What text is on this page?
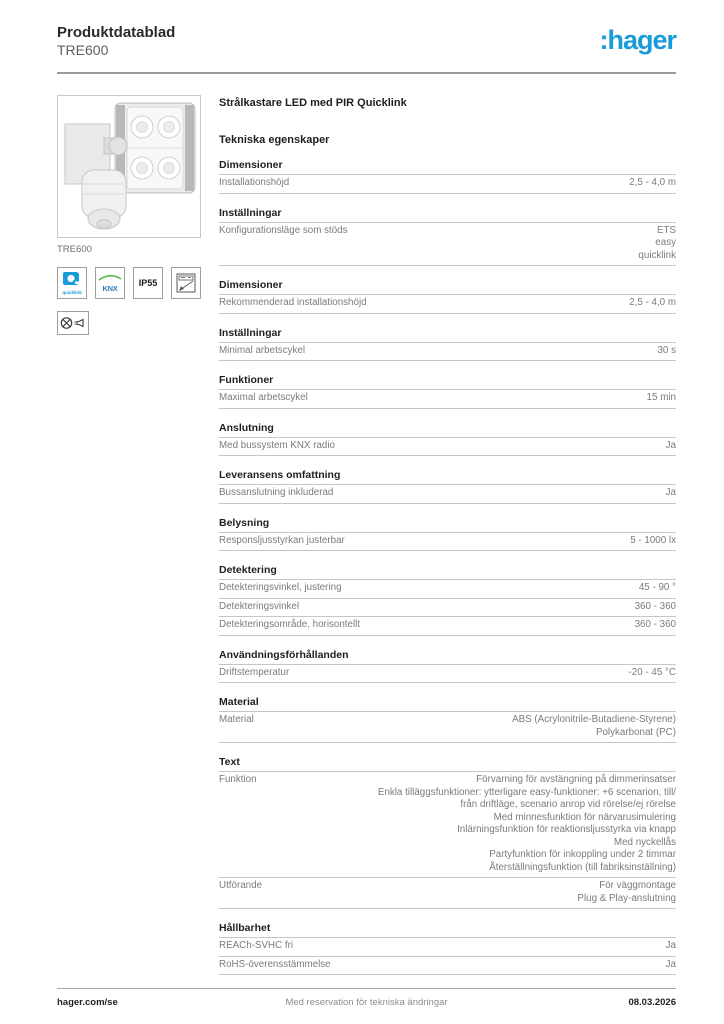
Produktdatablad
TRE600	:hager
TRE600
quicklink	KNX IP55
Strålkastare LED med PIR Quicklink
Tekniska egenskaper
Dimensioner
Installationshöjd	2,5 - 4,0 m
Inställningar
Konfigurationsläge som stöds	ETS
easy
quicklink
Dimensioner
Rekommenderad installationshöjd	2,5 - 4,0 m
Inställningar
Minimal arbetscykel	30 s
Funktioner
Maximal arbetscykel	15 min
Anslutning
Med bussystem KNX radio	Ja
Leveransens omfattning
Bussanslutning inkluderad	Ja
Belysning
Responsljusstyrkan justerbar	5 - 1000 lx
Detektering
Detekteringsvinkel, justering	45 - 90 °
Detekteringsvinkel	360 - 360
Detekteringsområde, horisontellt	360 - 360
Användningsförhållanden
Driftstemperatur	-20 - 45 °C
Material
Material	ABS (Acrylonitrile-Butadiene-Styrene)
Polykarbonat (PC)
Text
Funktion	Förvarning för avstängning på dimmerinsatser
Enkla tilläggsfunktioner: ytterligare easy-funktioner: +6 scenarion, till/
från driftläge, scenario anrop vid rörelse/ej rörelse
Med minnesfunktion för närvarusimulering
Inlärningsfunktion för reaktionsljusstyrka via knapp
Med nyckellås
Partyfunktion för inkoppling under 2 timmar
Återställningsfunktion (till fabriksinställning)
Utförande	För väggmontage
Plug & Play-anslutning
Hållbarhet
REACh-SVHC fri	Ja
RoHS-överensstämmelse	Ja
hager.com/se	Med reservation för tekniska ändringar	08.03.2026
